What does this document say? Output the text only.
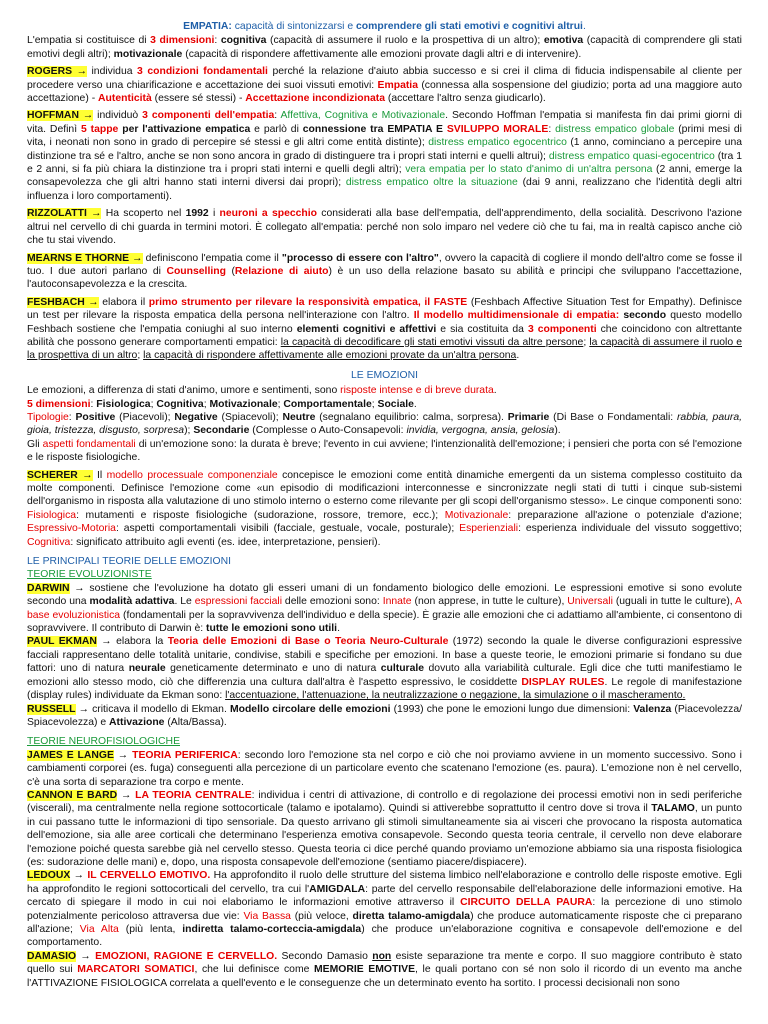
EMPATIA: capacità di sintonizzarsi e comprendere gli stati emotivi e cognitivi altrui.

L'empatia si costituisce di 3 dimensioni: cognitiva (capacità di assumere il ruolo e la prospettiva di un altro); emotiva (capacità di comprendere gli stati emotivi degli altri); motivazionale (capacità di rispondere affettivamente alle emozioni provate dagli altri e di intervenire).

ROGERS → individua 3 condizioni fondamentali perché la relazione d'aiuto abbia successo e si crei il clima di fiducia indispensabile al cliente per procedere verso una chiarificazione e accettazione dei suoi vissuti emotivi: Empatia (connessa alla sospensione del giudizio; porta ad una maggiore auto accettazione) - Autenticità (essere sé stessi) - Accettazione incondizionata (accettare l'altro senza giudicarlo).

HOFFMAN → individuò 3 componenti dell'empatia: Affettiva, Cognitiva e Motivazionale. Secondo Hoffman l'empatia si manifesta fin dai primi giorni di vita. Definì 5 tappe per l'attivazione empatica e parlò di connessione tra EMPATIA E SVILUPPO MORALE: distress empatico globale (primi mesi di vita, i neonati non sono in grado di percepire sé stessi e gli altri come entità distinte); distress empatico egocentrico (1 anno, cominciano a percepire una distinzione tra sé e l'altro, anche se non sono ancora in grado di distinguere tra i propri stati interni e quelli altrui); distress empatico quasi-egocentrico (tra 1 e 2 anni, si fa più chiara la distinzione tra i propri stati interni e quelli degli altri); vera empatia per lo stato d'animo di un'altra persona (2 anni, emerge la consapevolezza che gli altri hanno stati interni diversi dai propri); distress empatico oltre la situazione (dai 9 anni, realizzano che l'identità degli altri influenza i loro comportamenti).

RIZZOLATTI → Ha scoperto nel 1992 i neuroni a specchio considerati alla base dell'empatia, dell'apprendimento, della socialità. Descrivono l'azione altrui nel cervello di chi guarda in termini motori. È collegato all'empatia: perché non solo imparo nel vedere ciò che tu fai, ma in realtà capisco anche ciò che tu stai vivendo.

MEARNS E THORNE → definiscono l'empatia come il "processo di essere con l'altro", ovvero la capacità di cogliere il mondo dell'altro come se fosse il tuo. I due autori parlano di Counselling (Relazione di aiuto) è un uso della relazione basato su abilità e principi che sviluppano l'accettazione, l'autoconsapevolezza e la crescita.

FESHBACH → elabora il primo strumento per rilevare la responsività empatica, il FASTE (Feshbach Affective Situation Test for Empathy). Definisce un test per rilevare la risposta empatica della persona nell'interazione con l'altro. Il modello multidimensionale di empatia: secondo questo modello Feshbach sostiene che l'empatia coniughi al suo interno elementi cognitivi e affettivi e sia costituita da 3 componenti che coincidono con altrettante abilità che possono generare comportamenti empatici: la capacità di decodificare gli stati emotivi vissuti da altre persone; la capacità di assumere il ruolo e la prospettiva di un altro; la capacità di rispondere affettivamente alle emozioni provate da un'altra persona.

LE EMOZIONI

Le emozioni, a differenza di stati d'animo, umore e sentimenti, sono risposte intense e di breve durata.

5 dimensioni: Fisiologica; Cognitiva; Motivazionale; Comportamentale; Sociale.

Tipologie: Positive (Piacevoli); Negative (Spiacevoli); Neutre (segnalano equilibrio: calma, sorpresa). Primarie (Di Base o Fondamentali: rabbia, paura, gioia, tristezza, disgusto, sorpresa); Secondarie (Complesse o Auto-Consapevoli: invidia, vergogna, ansia, gelosia).

Gli aspetti fondamentali di un'emozione sono: la durata è breve; l'evento in cui avviene; l'intenzionalità dell'emozione; i pensieri che porta con sé l'emozione e le risposte fisiologiche.

SCHERER → Il modello processuale componenziale concepisce le emozioni come entità dinamiche emergenti da un sistema complesso costituito da molte componenti. Definisce l'emozione come «un episodio di modificazioni interconnesse e sincronizzate negli stati di tutti i cinque sub-sistemi dell'organismo in risposta alla valutazione di uno stimolo interno o esterno come rilevante per gli scopi dell'organismo stesso». Le cinque componenti sono: Fisiologica: mutamenti e risposte fisiologiche (sudorazione, rossore, tremore, ecc.); Motivazionale: preparazione all'azione o potenziale d'azione; Espressivo-Motoria: aspetti comportamentali visibili (facciale, gestuale, vocale, posturale); Esperienziali: esperienza individuale del vissuto soggettivo; Cognitiva: significato attribuito agli eventi (es. idee, interpretazione, pensieri).

LE PRINCIPALI TEORIE DELLE EMOZIONI

TEORIE EVOLUZIONISTE

DARWIN → sostiene che l'evoluzione ha dotato gli esseri umani di un fondamento biologico delle emozioni. Le espressioni emotive si sono evolute secondo una modalità adattiva. Le espressioni facciali delle emozioni sono: Innate (non apprese, in tutte le culture), Universali (uguali in tutte le culture), A base evoluzionistica (fondamentali per la sopravvivenza dell'individuo e della specie). È grazie alle emozioni che ci adattiamo all'ambiente, ci consentono di sopravvivere. Il contributo di Darwin è: tutte le emozioni sono utili.

PAUL EKMAN → elabora la Teoria delle Emozioni di Base o Teoria Neuro-Culturale (1972) secondo la quale le diverse configurazioni espressive facciali rappresentano delle totalità unitarie, condivise, stabili e specifiche per emozioni. In base a queste teorie, le emozioni primarie si fondano su due fattori: uno di natura neurale geneticamente determinato e uno di natura culturale dovuto alla variabilità culturale. Egli dice che tutti manifestiamo le emozioni allo stesso modo, ciò che differenzia una cultura dall'altra è l'aspetto espressivo, le cosiddette DISPLAY RULES. Le regole di manifestazione (display rules) individuate da Ekman sono: l'accentuazione, l'attenuazione, la neutralizzazione o negazione, la simulazione o il mascheramento.

RUSSELL → criticava il modello di Ekman. Modello circolare delle emozioni (1993) che pone le emozioni lungo due dimensioni: Valenza (Piacevolezza/ Spiacevolezza) e Attivazione (Alta/Bassa).

TEORIE NEUROFISIOLOGICHE

JAMES E LANGE → TEORIA PERIFERICA: secondo loro l'emozione sta nel corpo e ciò che noi proviamo avviene in un momento successivo. Sono i cambiamenti corporei (es. fuga) conseguenti alla percezione di un particolare evento che scatenano l'emozione (es. paura). L'emozione non è nel cervello, c'è una sorta di separazione tra corpo e mente.

CANNON E BARD → LA TEORIA CENTRALE: individua i centri di attivazione, di controllo e di regolazione dei processi emotivi non in sedi periferiche (viscerali), ma centralmente nella regione sottocorticale (talamo e ipotalamo). Quindi si attiverebbe soprattutto il centro dove si trova il TALAMO, un punto in cui passano tutte le informazioni di tipo sensoriale. Da questo arrivano gli stimoli simultaneamente sia ai visceri che provocano la risposta automatica dell'emozione, sia alle aree corticali che determinano l'esperienza emotiva consapevole. Secondo questa teoria centrale, il cervello non deve elaborare l'emozione poiché questa sarebbe già nel cervello stesso. Questa teoria ci dice perché quando proviamo un'emozione abbiamo sia una risposta fisiologica (es: sudorazione delle mani) e, dopo, una risposta consapevole dell'emozione (sentiamo piacere/dispiacere).

LEDOUX → IL CERVELLO EMOTIVO. Ha approfondito il ruolo delle strutture del sistema limbico nell'elaborazione e controllo delle risposte emotive. Egli ha approfondito le regioni sottocorticali del cervello, tra cui l'AMIGDALA: parte del cervello responsabile dell'elaborazione delle informazioni emotive. Ha cercato di spiegare il modo in cui noi elaboriamo le informazioni emotive attraverso il CIRCUITO DELLA PAURA: la percezione di uno stimolo potenzialmente pericoloso attraversa due vie: Via Bassa (più veloce, diretta talamo-amigdala) che produce automaticamente risposte che ci preparano all'azione; Via Alta (più lenta, indiretta talamo-corteccia-amigdala) che produce un'elaborazione cognitiva e consapevole dell'emozione e del comportamento.

DAMASIO → EMOZIONI, RAGIONE E CERVELLO. Secondo Damasio non esiste separazione tra mente e corpo. Il suo maggiore contributo è stato quello sui MARCATORI SOMATICI, che lui definisce come MEMORIE EMOTIVE, le quali portano con sé non solo il ricordo di un evento ma anche l'ATTIVAZIONE FISIOLOGICA correlata a quell'evento e le conseguenze che un determinato evento ha sortito. I processi decisionali non sono
